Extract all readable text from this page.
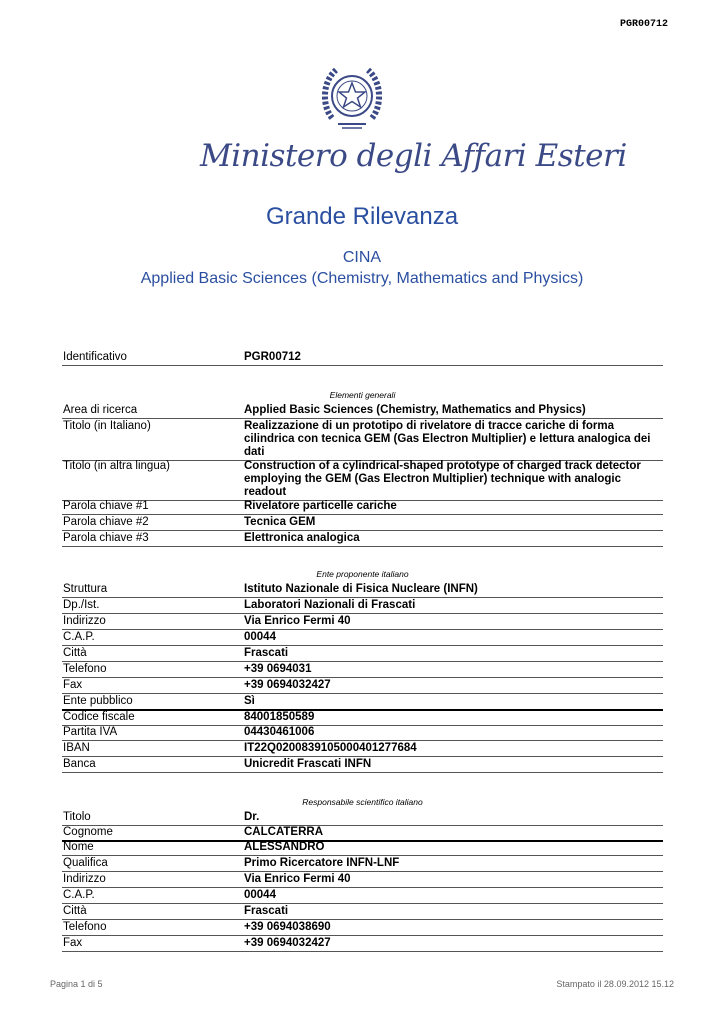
PGR00712
Ministero degli Affari Esteri
Grande Rilevanza
CINA
Applied Basic Sciences (Chemistry, Mathematics and Physics)
Identificativo	PGR00712
Elementi generali
Area di ricerca	Applied Basic Sciences (Chemistry, Mathematics and Physics)
Titolo (in Italiano)	Realizzazione di un prototipo di rivelatore di tracce cariche di forma cilindrica con tecnica GEM (Gas Electron Multiplier) e lettura analogica dei dati
Titolo (in altra lingua)	Construction of a cylindrical-shaped prototype of charged track detector employing the GEM (Gas Electron Multiplier) technique with analogic readout
Parola chiave #1	Rivelatore particelle cariche
Parola chiave #2	Tecnica GEM
Parola chiave #3	Elettronica analogica
Ente proponente italiano
Struttura	Istituto Nazionale di Fisica Nucleare (INFN)
Dp./Ist.	Laboratori Nazionali di Frascati
Indirizzo	Via Enrico Fermi 40
C.A.P.	00044
Città	Frascati
Telefono	+39 0694031
Fax	+39 0694032427
Ente pubblico	Sì
Codice fiscale	84001850589
Partita IVA	04430461006
IBAN	IT22Q0200839105000401277684
Banca	Unicredit Frascati INFN
Responsabile scientifico italiano
Titolo	Dr.
Cognome	CALCATERRA
Nome	ALESSANDRO
Qualifica	Primo Ricercatore INFN-LNF
Indirizzo	Via Enrico Fermi 40
C.A.P.	00044
Città	Frascati
Telefono	+39 0694038690
Fax	+39 0694032427
Pagina 1 di 5	Stampato il 28.09.2012 15.12
